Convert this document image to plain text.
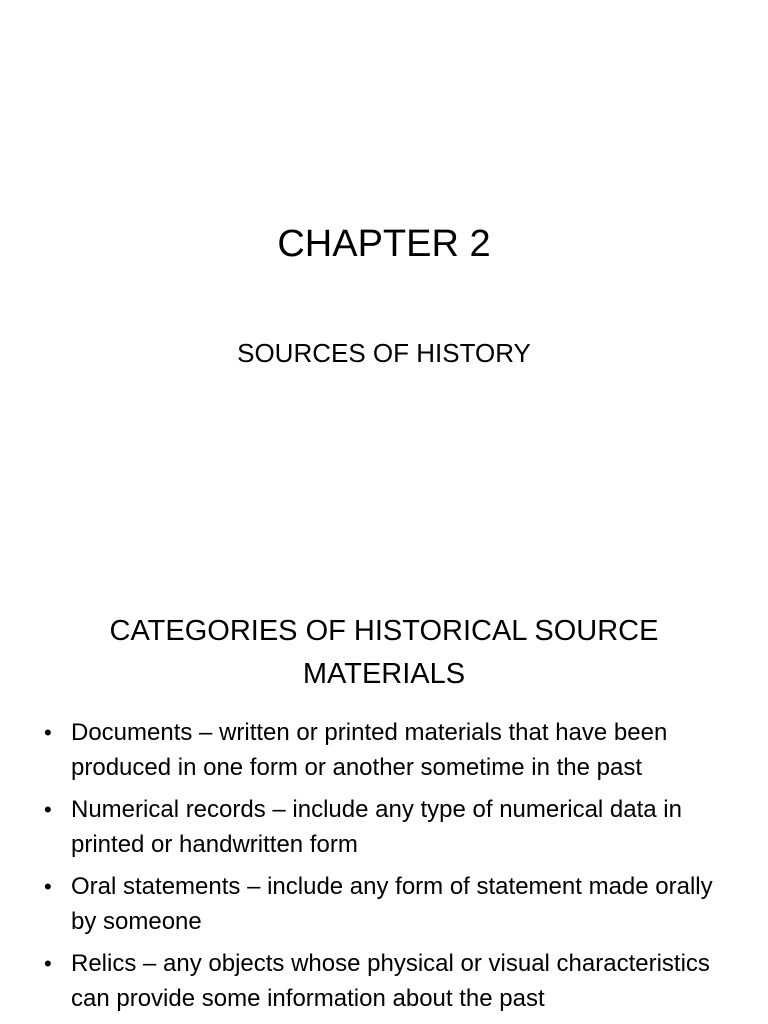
CHAPTER 2

SOURCES OF HISTORY

CATEGORIES OF HISTORICAL SOURCE MATERIALS
• Documents – written or printed materials that have been produced in one form or another sometime in the past
• Numerical records – include any type of numerical data in printed or handwritten form
• Oral statements – include any form of statement made orally by someone
• Relics – any objects whose physical or visual characteristics can provide some information about the past
